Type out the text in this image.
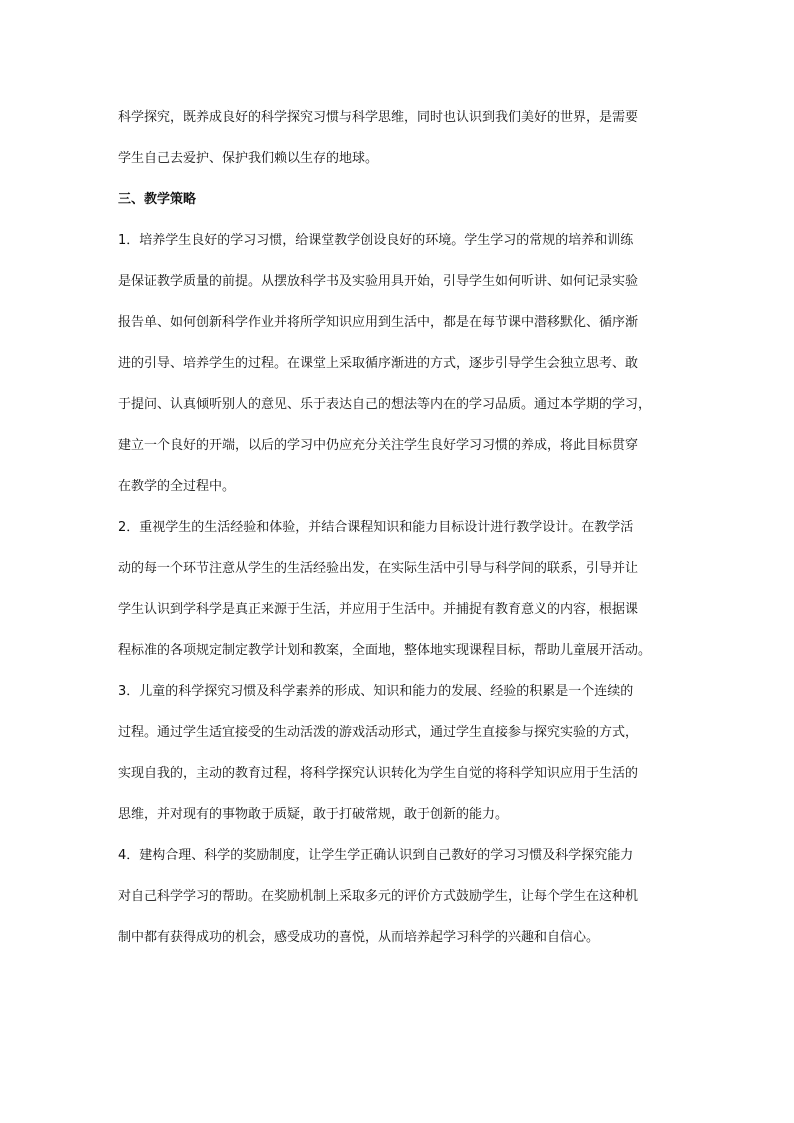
科学探究，既养成良好的科学探究习惯与科学思维，同时也认识到我们美好的世界，是需要
学生自己去爱护、保护我们赖以生存的地球。
三、教学策略
1．培养学生良好的学习习惯，给课堂教学创设良好的环境。学生学习的常规的培养和训练
是保证教学质量的前提。从摆放科学书及实验用具开始，引导学生如何听讲、如何记录实验
报告单、如何创新科学作业并将所学知识应用到生活中，都是在每节课中潜移默化、循序渐
进的引导、培养学生的过程。在课堂上采取循序渐进的方式，逐步引导学生会独立思考、敢
于提问、认真倾听别人的意见、乐于表达自己的想法等内在的学习品质。通过本学期的学习，
建立一个良好的开端，以后的学习中仍应充分关注学生良好学习习惯的养成，将此目标贯穿
在教学的全过程中。
2．重视学生的生活经验和体验，并结合课程知识和能力目标设计进行教学设计。在教学活
动的每一个环节注意从学生的生活经验出发，在实际生活中引导与科学间的联系，引导并让
学生认识到学科学是真正来源于生活，并应用于生活中。并捕捉有教育意义的内容，根据课
程标准的各项规定制定教学计划和教案，全面地，整体地实现课程目标，帮助儿童展开活动。
3．儿童的科学探究习惯及科学素养的形成、知识和能力的发展、经验的积累是一个连续的
过程。通过学生适宜接受的生动活泼的游戏活动形式，通过学生直接参与探究实验的方式，
实现自我的，主动的教育过程，将科学探究认识转化为学生自觉的将科学知识应用于生活的
思维，并对现有的事物敢于质疑，敢于打破常规，敢于创新的能力。
4．建构合理、科学的奖励制度，让学生学正确认识到自己教好的学习习惯及科学探究能力
对自己科学学习的帮助。在奖励机制上采取多元的评价方式鼓励学生，让每个学生在这种机
制中都有获得成功的机会，感受成功的喜悦，从而培养起学习科学的兴趣和自信心。
